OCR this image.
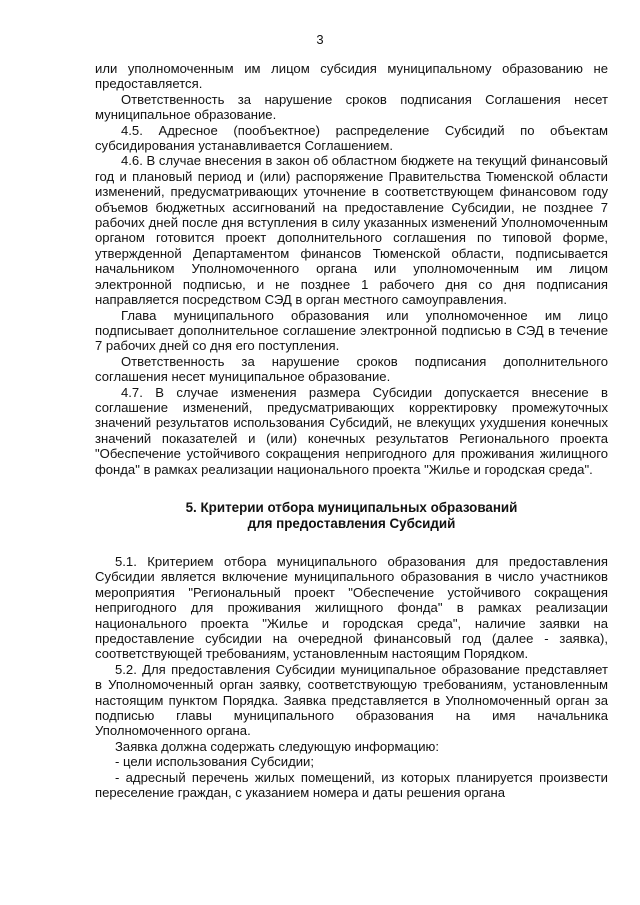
3

или уполномоченным им лицом субсидия муниципальному образованию не предоставляется.

Ответственность за нарушение сроков подписания Соглашения несет муниципальное образование.

4.5. Адресное (пообъектное) распределение Субсидий по объектам субсидирования устанавливается Соглашением.

4.6. В случае внесения в закон об областном бюджете на текущий финансовый год и плановый период и (или) распоряжение Правительства Тюменской области изменений, предусматривающих уточнение в соответствующем финансовом году объемов бюджетных ассигнований на предоставление Субсидии, не позднее 7 рабочих дней после дня вступления в силу указанных изменений Уполномоченным органом готовится проект дополнительного соглашения по типовой форме, утвержденной Департаментом финансов Тюменской области, подписывается начальником Уполномоченного органа или уполномоченным им лицом электронной подписью, и не позднее 1 рабочего дня со дня подписания направляется посредством СЭД в орган местного самоуправления.

Глава муниципального образования или уполномоченное им лицо подписывает дополнительное соглашение электронной подписью в СЭД в течение 7 рабочих дней со дня его поступления.

Ответственность за нарушение сроков подписания дополнительного соглашения несет муниципальное образование.

4.7. В случае изменения размера Субсидии допускается внесение в соглашение изменений, предусматривающих корректировку промежуточных значений результатов использования Субсидий, не влекущих ухудшения конечных значений показателей и (или) конечных результатов Регионального проекта "Обеспечение устойчивого сокращения непригодного для проживания жилищного фонда" в рамках реализации национального проекта "Жилье и городская среда".

5. Критерии отбора муниципальных образований
для предоставления Субсидий

5.1. Критерием отбора муниципального образования для предоставления Субсидии является включение муниципального образования в число участников мероприятия "Региональный проект "Обеспечение устойчивого сокращения непригодного для проживания жилищного фонда" в рамках реализации национального проекта "Жилье и городская среда", наличие заявки на предоставление субсидии на очередной финансовый год (далее - заявка), соответствующей требованиям, установленным настоящим Порядком.

5.2. Для предоставления Субсидии муниципальное образование представляет в Уполномоченный орган заявку, соответствующую требованиям, установленным настоящим пунктом Порядка. Заявка представляется в Уполномоченный орган за подписью главы муниципального образования на имя начальника Уполномоченного органа.

Заявка должна содержать следующую информацию:

- цели использования Субсидии;

- адресный перечень жилых помещений, из которых планируется произвести переселение граждан, с указанием номера и даты решения органа
